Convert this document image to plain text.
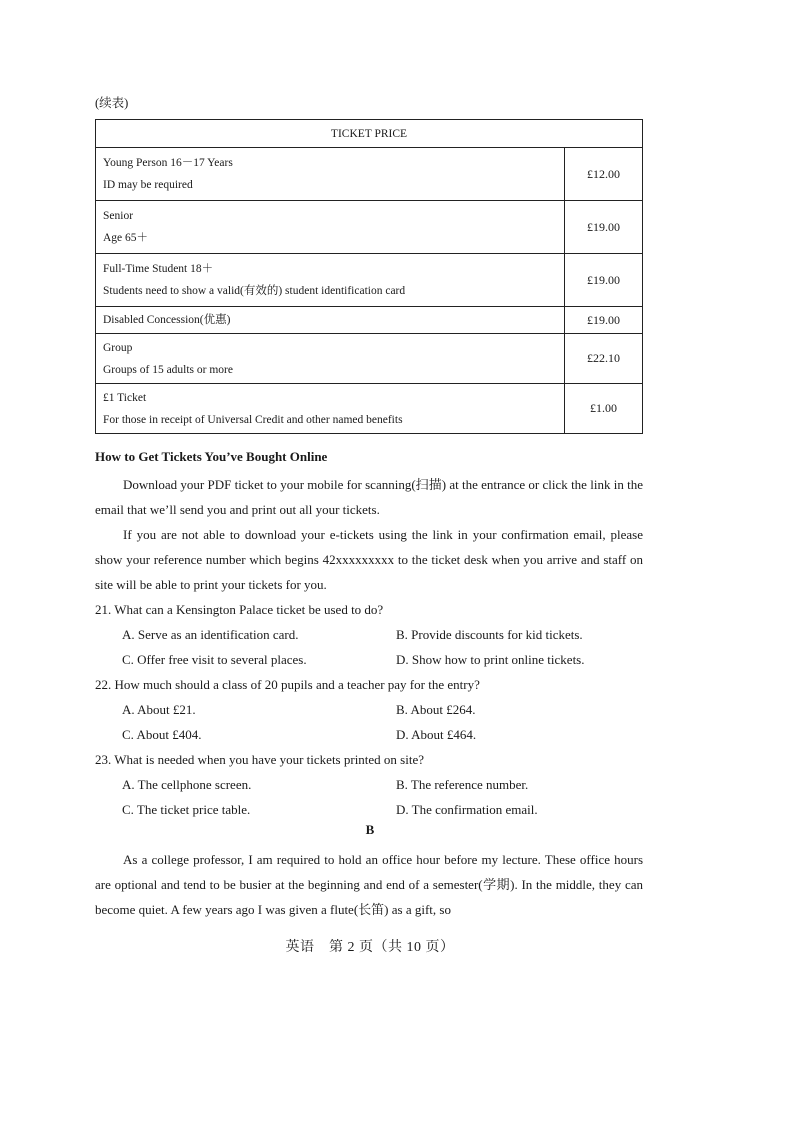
(续表)
TICKET PRICE	

Young Person 16－17 Years
ID may be required	£12.00

Senior
Age 65＋	£19.00

Full-Time Student 18＋
Students need to show a valid(有效的) student identification card	£19.00

Disabled Concession(优惠)	£19.00

Group
Groups of 15 adults or more	£22.10

£1 Ticket
For those in receipt of Universal Credit and other named benefits	£1.00
How to Get Tickets You’ve Bought Online
Download your PDF ticket to your mobile for scanning(扫描) at the entrance or click the link in the email that we’ll send you and print out all your tickets.
If you are not able to download your e-tickets using the link in your confirmation email, please show your reference number which begins 42xxxxxxxxx to the ticket desk when you arrive and staff on site will be able to print your tickets for you.
21. What can a Kensington Palace ticket be used to do?
A. Serve as an identification card.	B. Provide discounts for kid tickets.
C. Offer free visit to several places.	D. Show how to print online tickets.
22. How much should a class of 20 pupils and a teacher pay for the entry?
A. About £21.	B. About £264.
C. About £404.	D. About £464.
23. What is needed when you have your tickets printed on site?
A. The cellphone screen.	B. The reference number.
C. The ticket price table.	D. The confirmation email.
B
As a college professor, I am required to hold an office hour before my lecture. These office hours are optional and tend to be busier at the beginning and end of a semester(学期). In the middle, they can become quiet. A few years ago I was given a flute(长笛) as a gift, so
英语　第 2 页（共 10 页）
